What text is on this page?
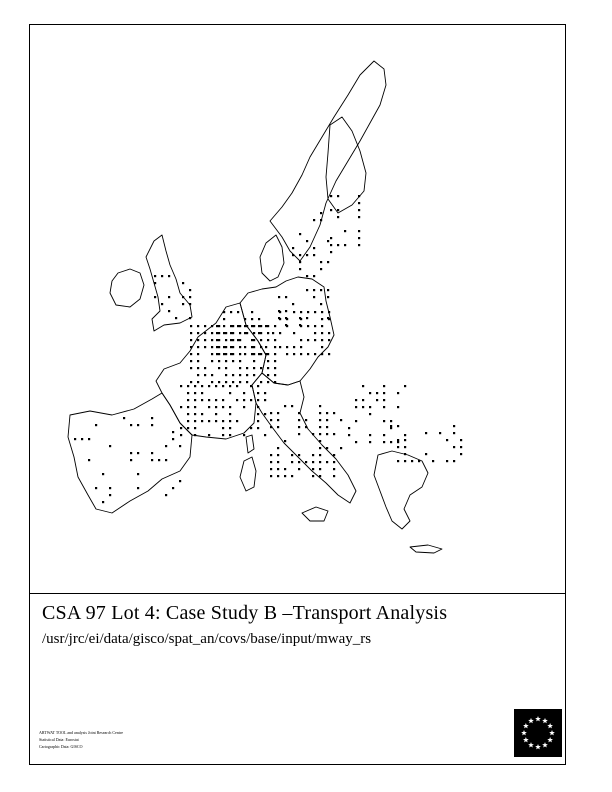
CSA 97 Lot 4: Case Study B –Transport Analysis
/usr/jrc/ei/data/gisco/spat_an/covs/base/input/mway_rs
ARTWAT TOOL and analysis Joint Research Centre
Statistical Data: Eurostat
Cartographic Data: GISCO
